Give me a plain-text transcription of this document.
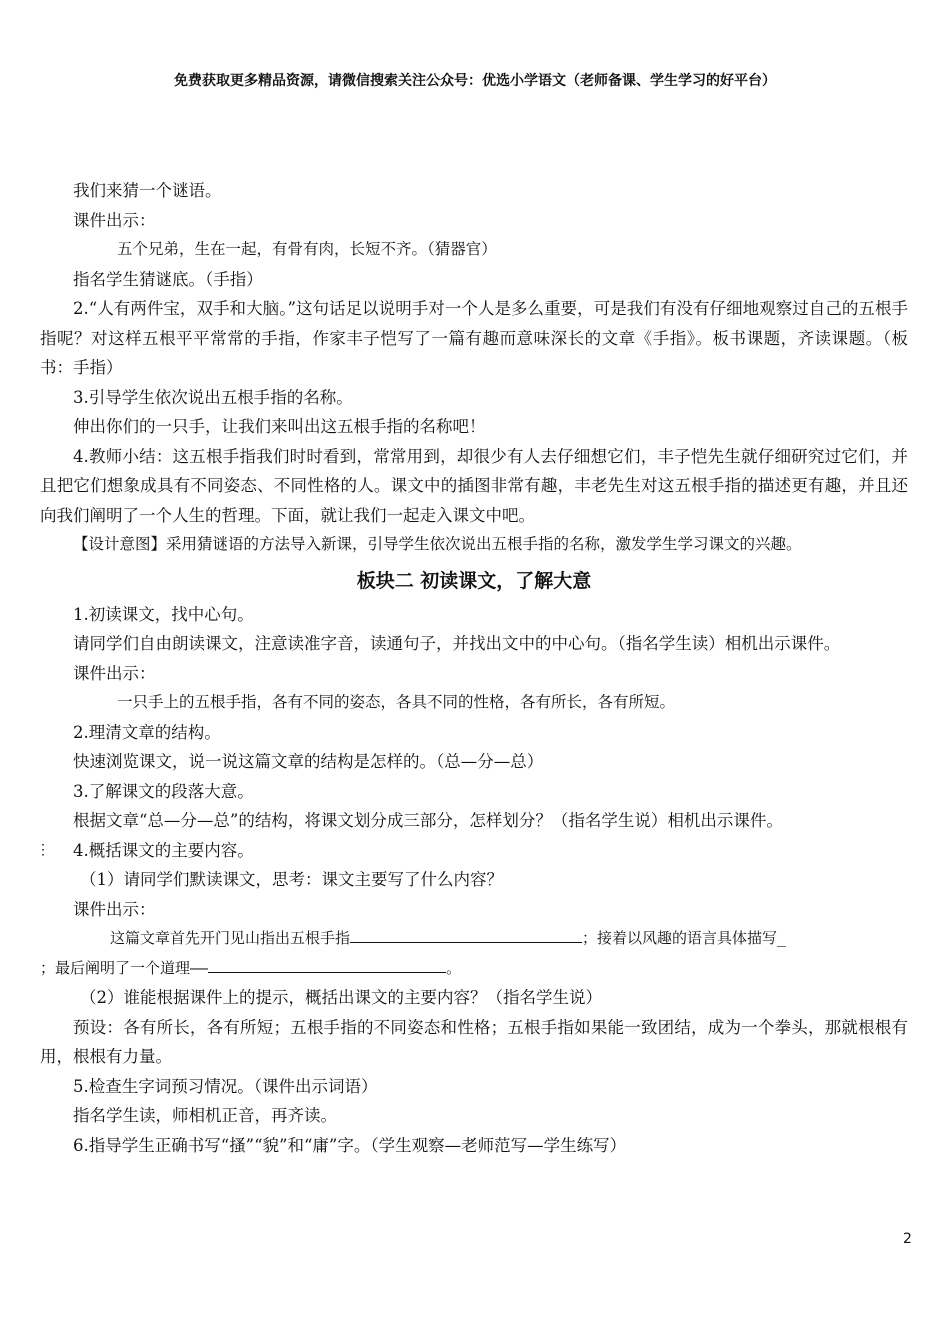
免费获取更多精品资源，请微信搜索关注公众号：优选小学语文（老师备课、学生学习的好平台）

我们来猜一个谜语。

课件出示：

五个兄弟，生在一起，有骨有肉，长短不齐。（猜器官）

指名学生猜谜底。（手指）

2.“人有两件宝，双手和大脑。”这句话足以说明手对一个人是多么重要，可是我们有没有仔细地观察过自己的五根手指呢？对这样五根平平常常的手指，作家丰子恺写了一篇有趣而意味深长的文章《手指》。板书课题，齐读课题。（板书：手指）

3.引导学生依次说出五根手指的名称。

伸出你们的一只手，让我们来叫出这五根手指的名称吧！

4.教师小结：这五根手指我们时时看到，常常用到，却很少有人去仔细想它们，丰子恺先生就仔细研究过它们，并且把它们想象成具有不同姿态、不同性格的人。课文中的插图非常有趣，丰老先生对这五根手指的描述更有趣，并且还向我们阐明了一个人生的哲理。下面，就让我们一起走入课文中吧。

【设计意图】采用猜谜语的方法导入新课，引导学生依次说出五根手指的名称，激发学生学习课文的兴趣。

板块二 初读课文，了解大意

1.初读课文，找中心句。

请同学们自由朗读课文，注意读准字音，读通句子，并找出文中的中心句。（指名学生读）相机出示课件。

课件出示：

一只手上的五根手指，各有不同的姿态，各具不同的性格，各有所长，各有所短。

2.理清文章的结构。

快速浏览课文，说一说这篇文章的结构是怎样的。（总—分—总）

3.了解课文的段落大意。

根据文章“总—分—总”的结构，将课文划分成三部分，怎样划分？（指名学生说）相机出示课件。

⋮	4.概括课文的主要内容。

（1）请同学们默读课文，思考：课文主要写了什么内容？

课件出示：

这篇文章首先开门见山指出五根手指	；接着以风趣的语言具体描写_

；最后阐明了一个道理——	。

（2）谁能根据课件上的提示，概括出课文的主要内容？（指名学生说）

预设：各有所长，各有所短；五根手指的不同姿态和性格；五根手指如果能一致团结，成为一个拳头，那就根根有用，根根有力量。

5.检查生字词预习情况。（课件出示词语）

指名学生读，师相机正音，再齐读。

6.指导学生正确书写“搔”“貌”和“庸”字。（学生观察—老师范写—学生练写）

2
